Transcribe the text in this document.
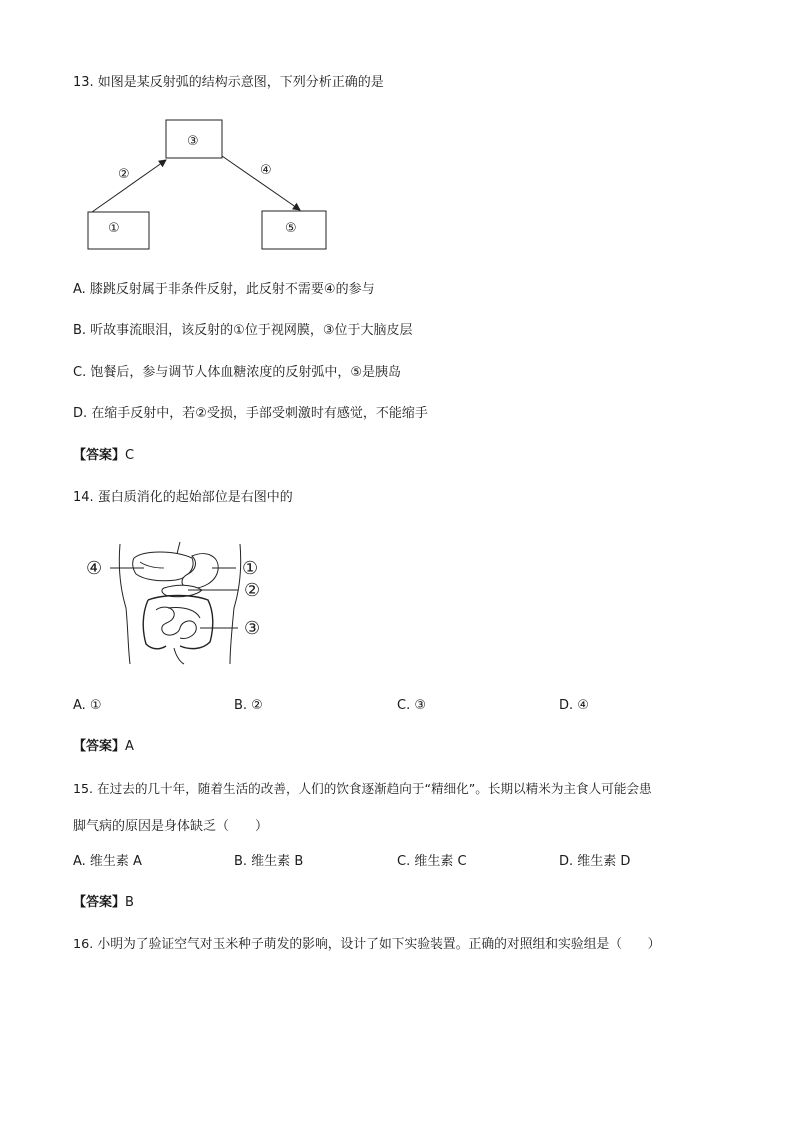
13. 如图是某反射弧的结构示意图，下列分析正确的是
③
①	⑤
②	④
A. 膝跳反射属于非条件反射，此反射不需要④的参与
B. 听故事流眼泪，该反射的①位于视网膜，③位于大脑皮层
C. 饱餐后，参与调节人体血糖浓度的反射弧中，⑤是胰岛
D. 在缩手反射中，若②受损，手部受刺激时有感觉，不能缩手
【答案】C
14. 蛋白质消化的起始部位是右图中的
④	①
②
③
A. ①	B. ②	C. ③	D. ④
【答案】A
15. 在过去的几十年，随着生活的改善，人们的饮食逐渐趋向于“精细化”。长期以精米为主食人可能会患
脚气病的原因是身体缺乏（　　）
A. 维生素 A	B. 维生素 B	C. 维生素 C	D. 维生素 D
【答案】B
16. 小明为了验证空气对玉米种子萌发的影响，设计了如下实验装置。正确的对照组和实验组是（　　）
